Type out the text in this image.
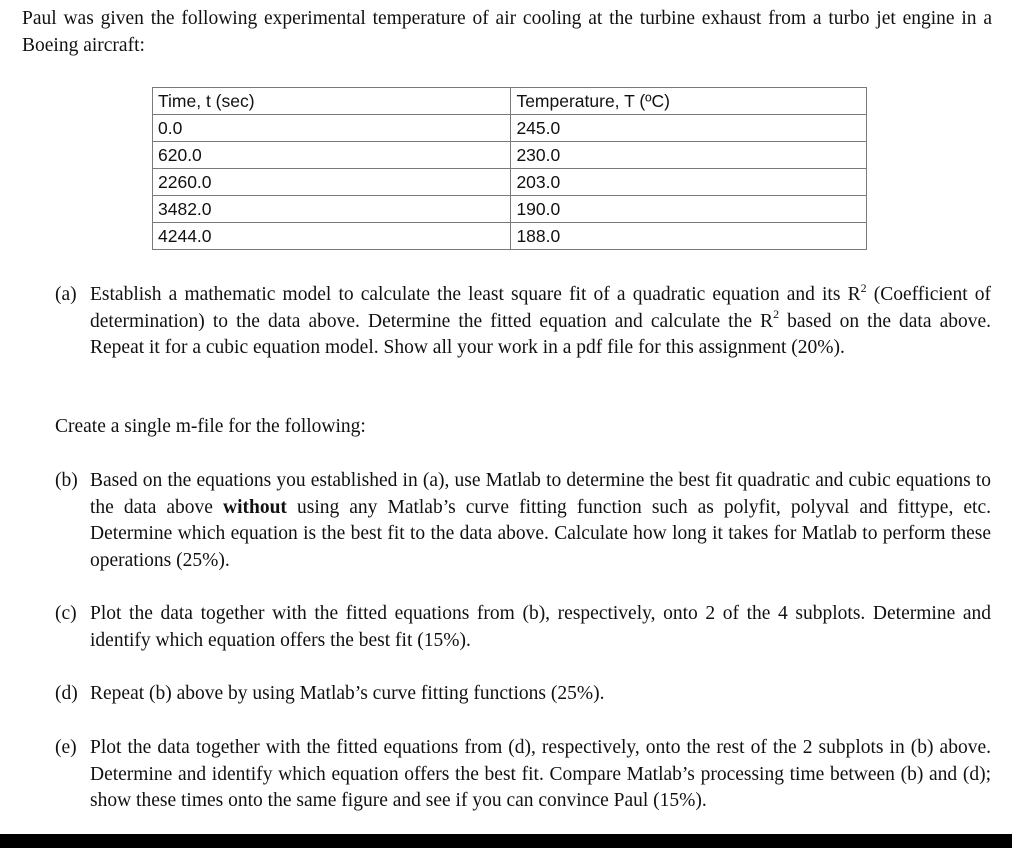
Paul was given the following experimental temperature of air cooling at the turbine exhaust from a turbo jet engine in a Boeing aircraft:

Time, t (sec)	Temperature, T (ºC)
0.0	245.0
620.0	230.0
2260.0	203.0
3482.0	190.0
4244.0	188.0
(a) Establish a mathematic model to calculate the least square fit of a quadratic equation and its $R^2$ (Coefficient of determination) to the data above. Determine the fitted equation and calculate the $R^2$ based on the data above. Repeat it for a cubic equation model. Show all your work in a pdf file for this assignment (20%).

Create a single m-file for the following:

(b) Based on the equations you established in (a), use Matlab to determine the best fit quadratic and cubic equations to the data above without using any Matlab’s curve fitting function such as polyfit, polyval and fittype, etc. Determine which equation is the best fit to the data above. Calculate how long it takes for Matlab to perform these operations (25%).
(c) Plot the data together with the fitted equations from (b), respectively, onto 2 of the 4 subplots. Determine and identify which equation offers the best fit (15%).
(d) Repeat (b) above by using Matlab’s curve fitting functions (25%).
(e) Plot the data together with the fitted equations from (d), respectively, onto the rest of the 2 subplots in (b) above. Determine and identify which equation offers the best fit. Compare Matlab’s processing time between (b) and (d); show these times onto the same figure and see if you can convince Paul (15%).
